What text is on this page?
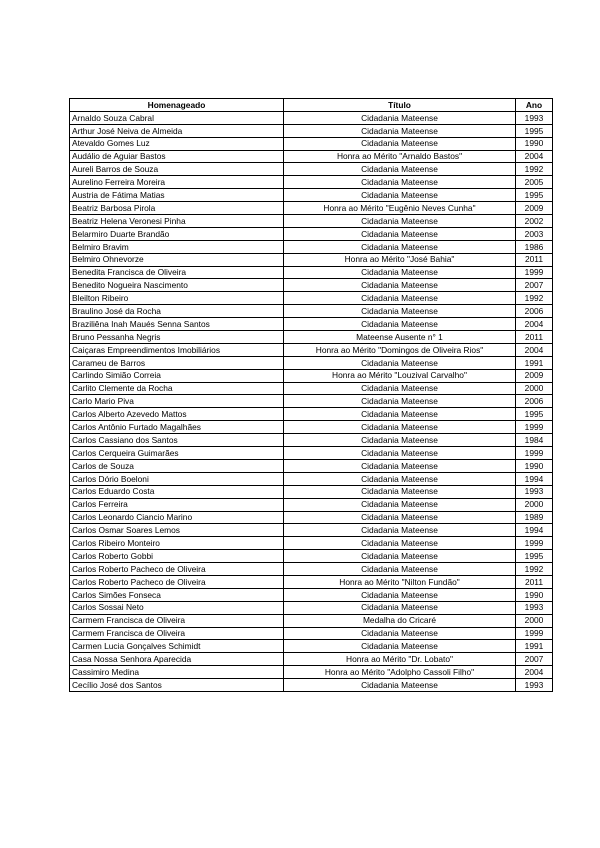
Homenageado	Título	Ano
Arnaldo Souza Cabral	Cidadania Mateense	1993
Arthur José Neiva de Almeida	Cidadania Mateense	1995
Atevaldo Gomes Luz	Cidadania Mateense	1990
Audálio de Aguiar Bastos	Honra ao Mérito "Arnaldo Bastos"	2004
Aureli Barros de Souza	Cidadania Mateense	1992
Aurelino Ferreira Moreira	Cidadania Mateense	2005
Austria de Fátima Matias	Cidadania Mateense	1995
Beatriz Barbosa Pirola	Honra ao Mérito "Eugênio Neves Cunha"	2009
Beatriz Helena Veronesi Pinha	Cidadania Mateense	2002
Belarmiro Duarte Brandão	Cidadania Mateense	2003
Belmiro Bravim	Cidadania Mateense	1986
Belmiro Ohnevorze	Honra ao Mérito "José Bahia"	2011
Benedita Francisca de Oliveira	Cidadania Mateense	1999
Benedito Nogueira Nascimento	Cidadania Mateense	2007
Bleilton Ribeiro	Cidadania Mateense	1992
Braulino José da Rocha	Cidadania Mateense	2006
Braziliêna Inah Maués Senna Santos	Cidadania Mateense	2004
Bruno Pessanha Negris	Mateense Ausente n° 1	2011
Caiçaras Empreendimentos Imobiliários	Honra ao Mérito "Domingos de Oliveira Rios"	2004
Carameu de Barros	Cidadania Mateense	1991
Carlindo Simião Correia	Honra ao Mérito "Louzival Carvalho"	2009
Carlito Clemente da Rocha	Cidadania Mateense	2000
Carlo Mario Piva	Cidadania Mateense	2006
Carlos Alberto Azevedo Mattos	Cidadania Mateense	1995
Carlos Antônio Furtado Magalhães	Cidadania Mateense	1999
Carlos Cassiano dos Santos	Cidadania Mateense	1984
Carlos Cerqueira Guimarães	Cidadania Mateense	1999
Carlos de Souza	Cidadania Mateense	1990
Carlos Dório Boeloni	Cidadania Mateense	1994
Carlos Eduardo Costa	Cidadania Mateense	1993
Carlos Ferreira	Cidadania Mateense	2000
Carlos Leonardo Ciancio Marino	Cidadania Mateense	1989
Carlos Osmar Soares Lemos	Cidadania Mateense	1994
Carlos Ribeiro Monteiro	Cidadania Mateense	1999
Carlos Roberto Gobbi	Cidadania Mateense	1995
Carlos Roberto Pacheco de Oliveira	Cidadania Mateense	1992
Carlos Roberto Pacheco de Oliveira	Honra ao Mérito "Nilton Fundão"	2011
Carlos Simões Fonseca	Cidadania Mateense	1990
Carlos Sossai Neto	Cidadania Mateense	1993
Carmem Francisca de Oliveira	Medalha do Cricaré	2000
Carmem Francisca de Oliveira	Cidadania Mateense	1999
Carmen Lucia Gonçalves Schimidt	Cidadania Mateense	1991
Casa Nossa Senhora Aparecida	Honra ao Mérito "Dr. Lobato"	2007
Cassimiro Medina	Honra ao Mérito "Adolpho Cassoli Filho"	2004
Cecílio José dos Santos	Cidadania Mateense	1993
